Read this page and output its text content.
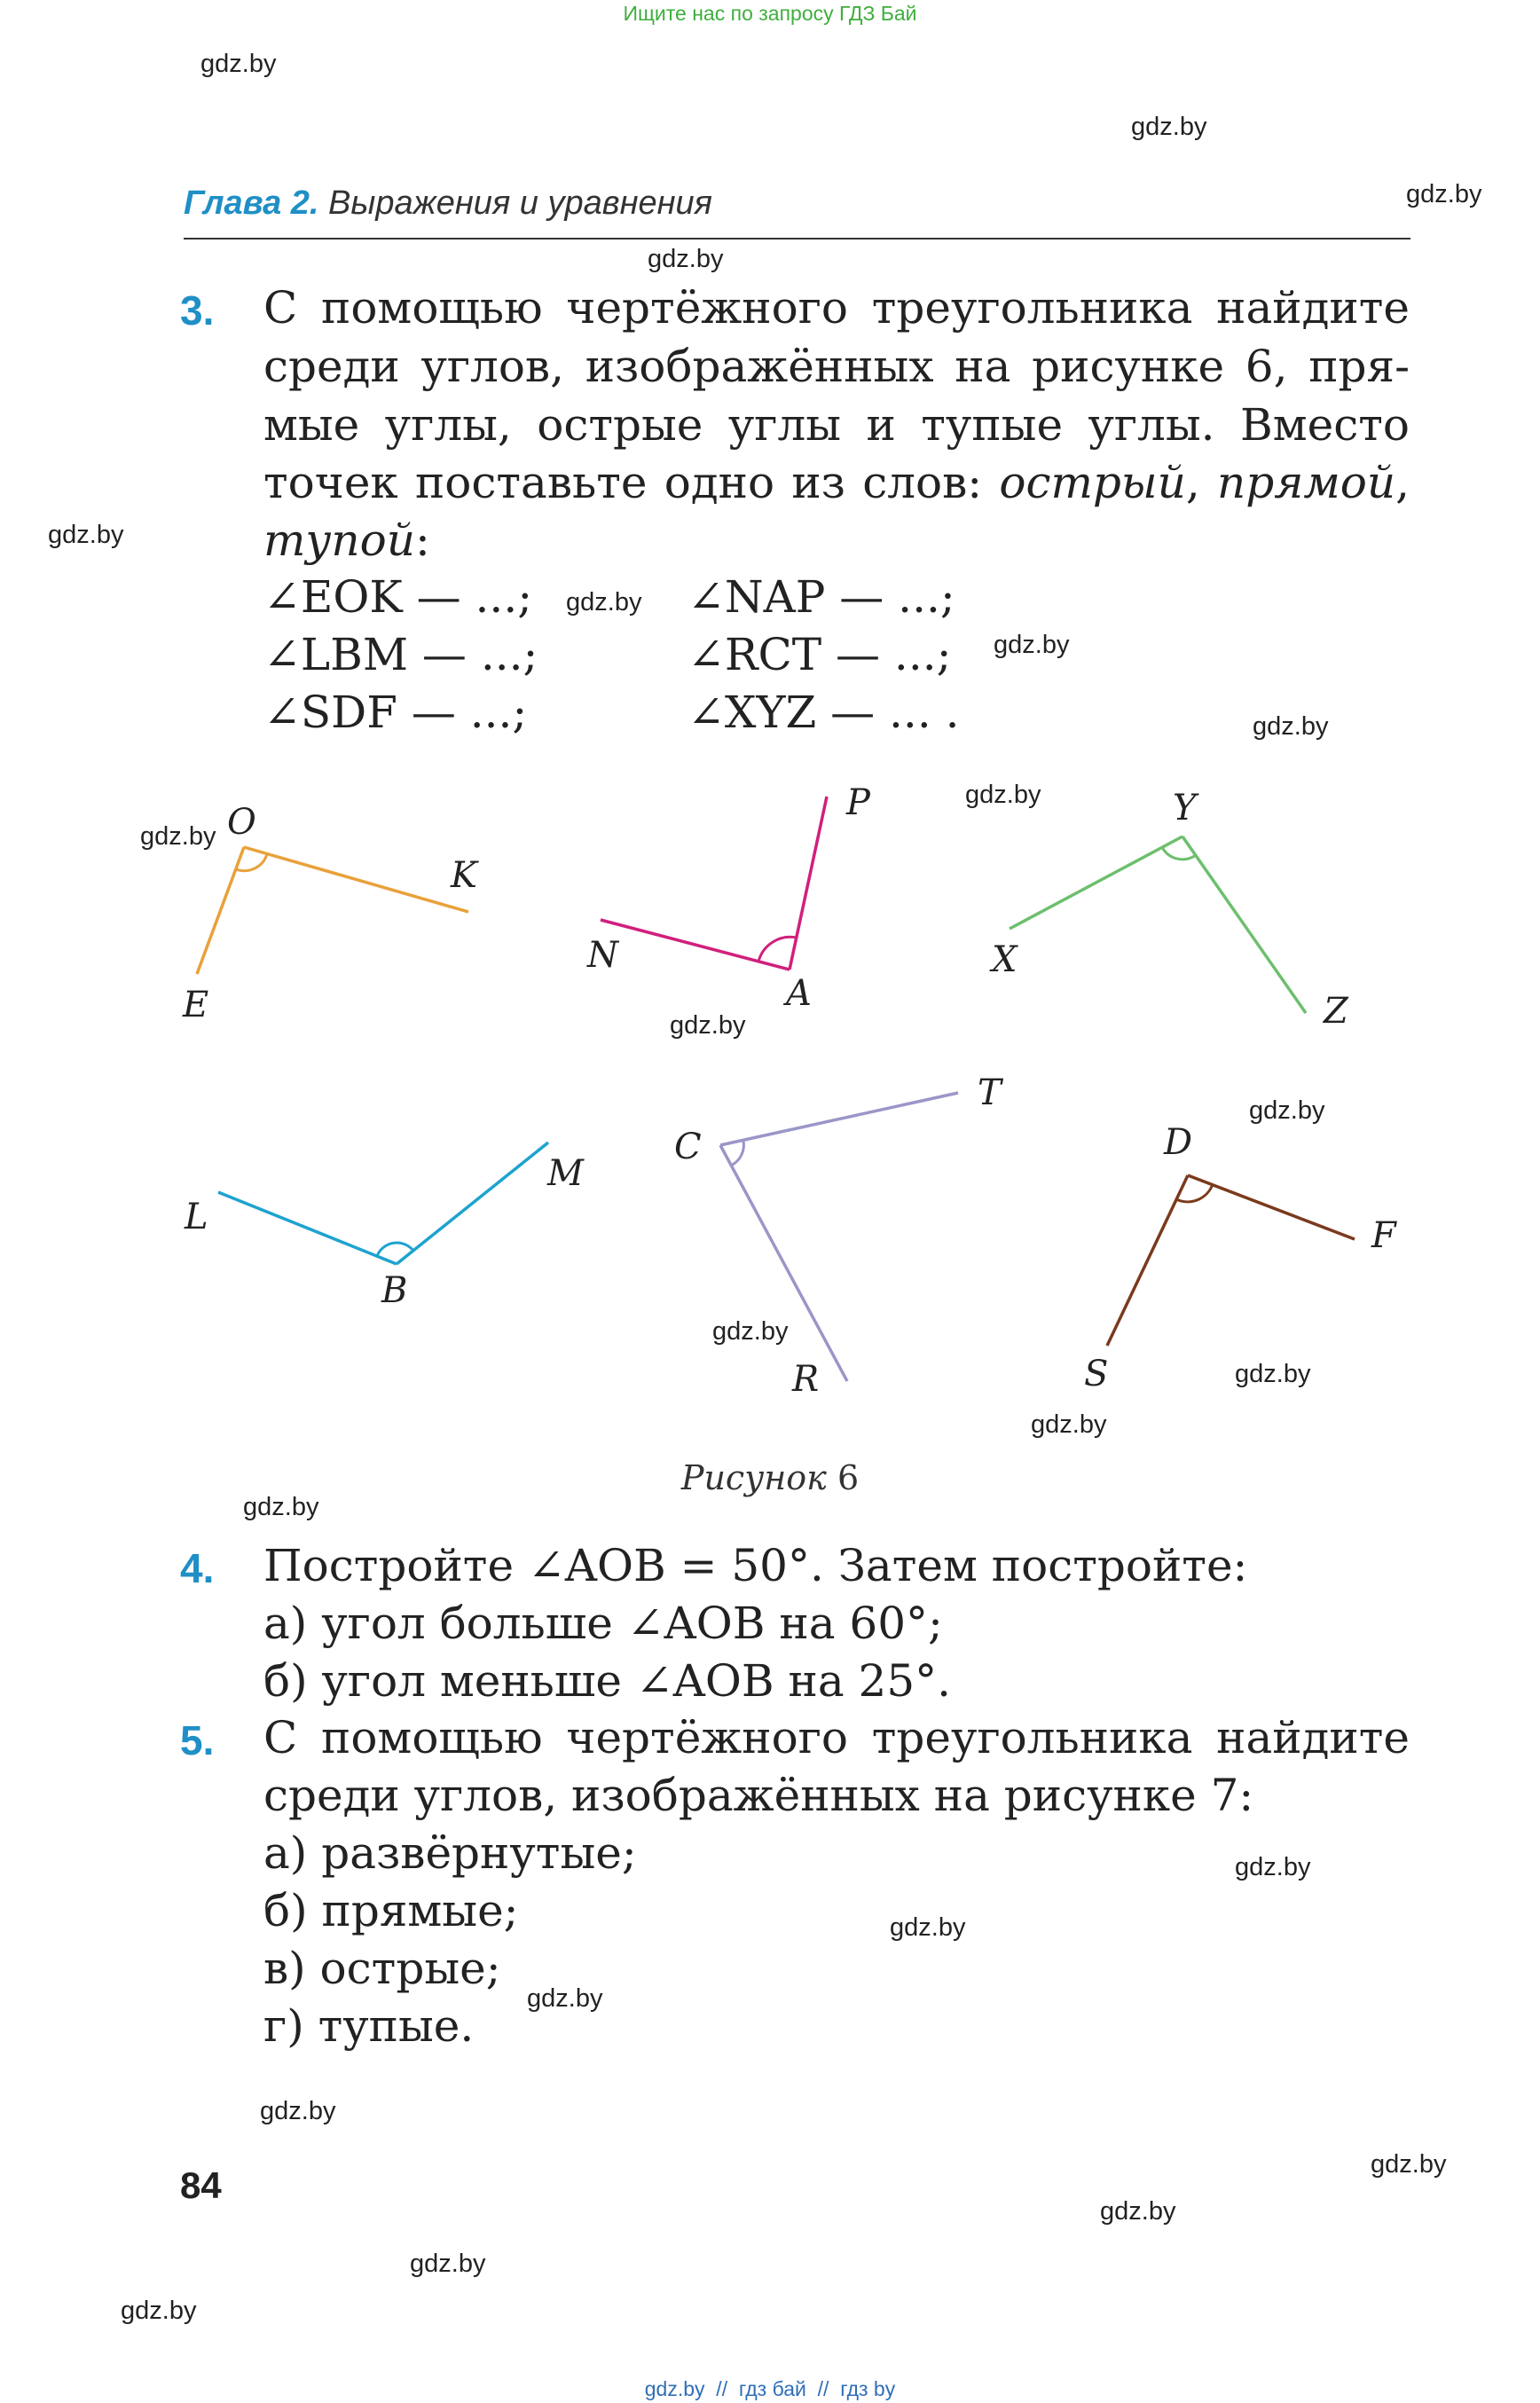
Ищите нас по запросу ГДЗ Бай
gdz.by
gdz.by
gdz.by
gdz.by
gdz.by
gdz.by
gdz.by
gdz.by
gdz.by
gdz.by
gdz.by
gdz.by
gdz.by
gdz.by
gdz.by
gdz.by
gdz.by
gdz.by
gdz.by
gdz.by
gdz.by
gdz.by
gdz.by
gdz.by
Глава 2. Выражения и уравнения
3. С помощью чертёжного треугольника найдите
среди углов, изображённых на рисунке 6, пря-
мые углы, острые углы и тупые углы. Вместо
точек поставьте одно из слов: острый, прямой,
тупой:
∠EOK — ...;	∠NAP — ...;
∠LBM — ...;	∠RCT — ...;
∠SDF — ...;	∠XYZ — ... .
O
K
E
P
N
A
Y
X
Z
L
M
B
C
T
R
D
F
S
Рисунок 6
4. Постройте ∠AOB = 50°. Затем постройте:
а) угол больше ∠AOB на 60°;
б) угол меньше ∠AOB на 25°.
5. С помощью чертёжного треугольника найдите
среди углов, изображённых на рисунке 7:
а) развёрнутые;
б) прямые;
в) острые;
г) тупые.
84
gdz.by  //  гдз бай  //  гдз by
